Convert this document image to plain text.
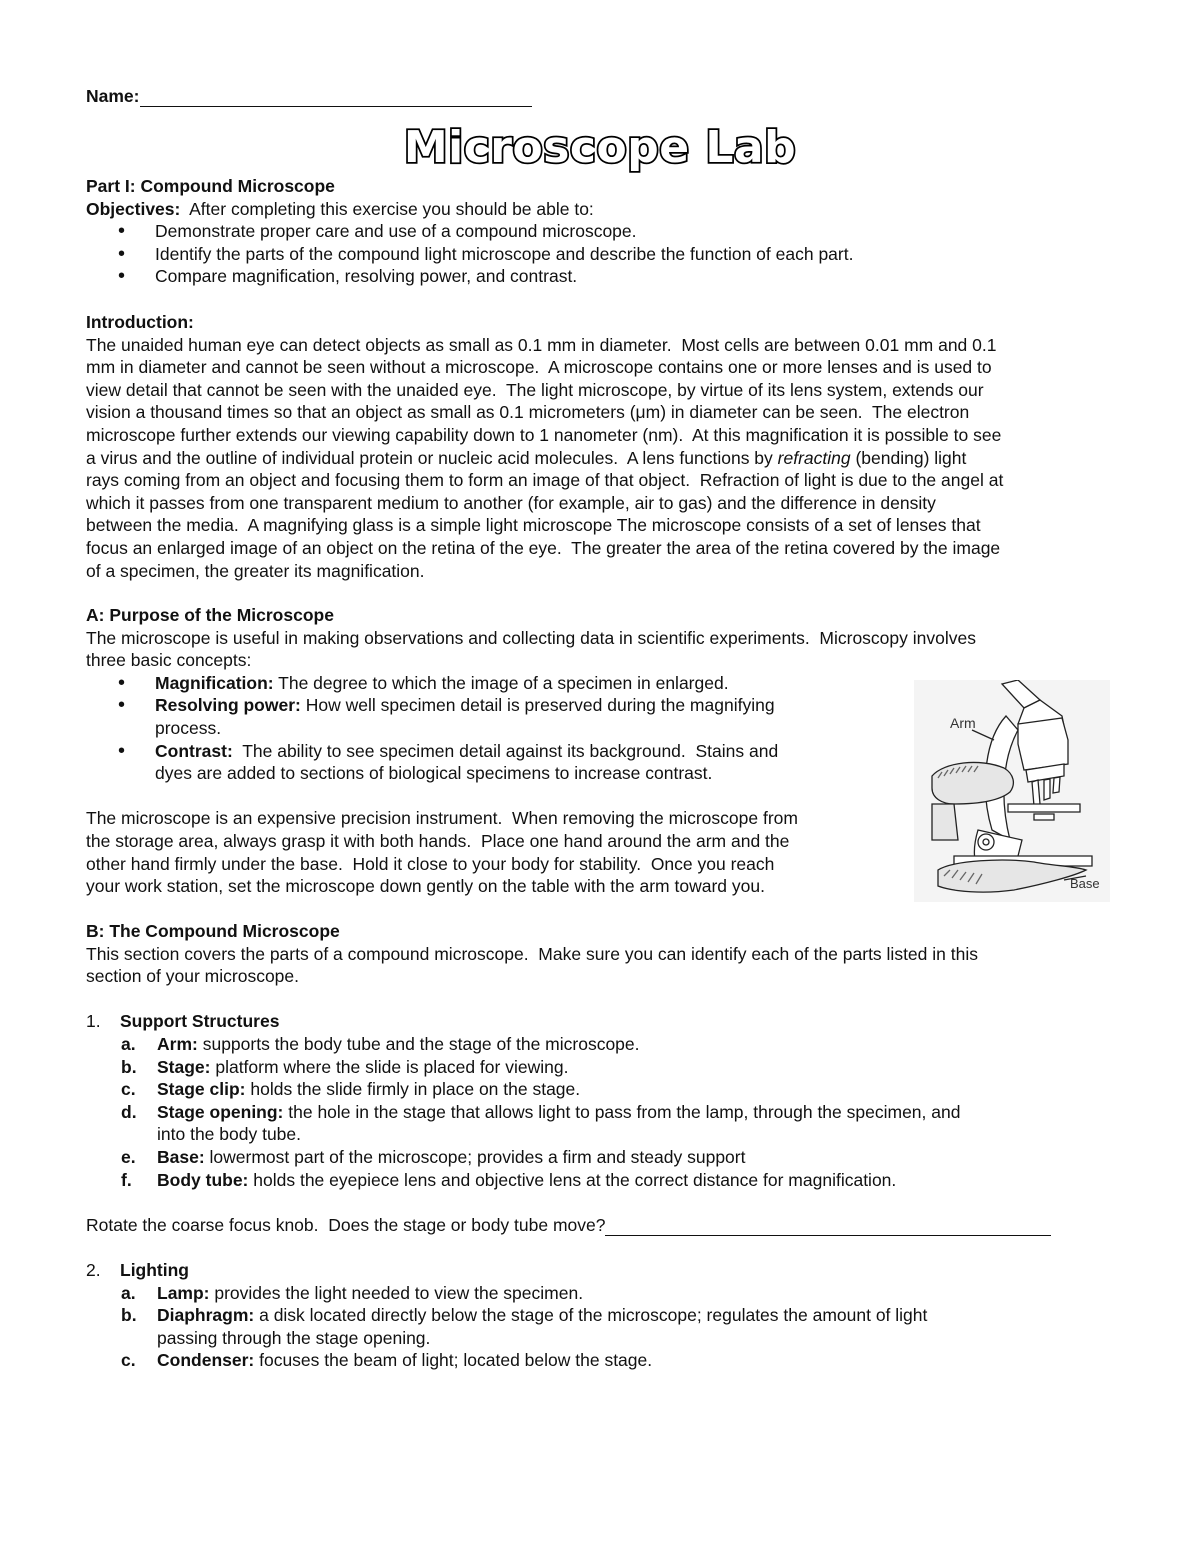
Name:
Microscope Lab

Part I: Compound Microscope

Objectives: After completing this exercise you should be able to:

• Demonstrate proper care and use of a compound microscope.
• Identify the parts of the compound light microscope and describe the function of each part.
• Compare magnification, resolving power, and contrast.

Introduction:

The unaided human eye can detect objects as small as 0.1 mm in diameter.  Most cells are between 0.01 mm and 0.1
mm in diameter and cannot be seen without a microscope.  A microscope contains one or more lenses and is used to
view detail that cannot be seen with the unaided eye.  The light microscope, by virtue of its lens system, extends our
vision a thousand times so that an object as small as 0.1 micrometers (μm) in diameter can be seen.  The electron
microscope further extends our viewing capability down to 1 nanometer (nm).  At this magnification it is possible to see
a virus and the outline of individual protein or nucleic acid molecules.  A lens functions by refracting (bending) light
rays coming from an object and focusing them to form an image of that object.  Refraction of light is due to the angel at
which it passes from one transparent medium to another (for example, air to gas) and the difference in density
between the media.  A magnifying glass is a simple light microscope The microscope consists of a set of lenses that
focus an enlarged image of an object on the retina of the eye.  The greater the area of the retina covered by the image
of a specimen, the greater its magnification.

A: Purpose of the Microscope

The microscope is useful in making observations and collecting data in scientific experiments.  Microscopy involves
three basic concepts:
• Magnification: The degree to which the image of a specimen in enlarged.
• Resolving power: How well specimen detail is preserved during the magnifying
process.
• Contrast:  The ability to see specimen detail against its background.  Stains and
dyes are added to sections of biological specimens to increase contrast.
The microscope is an expensive precision instrument.  When removing the microscope from
the storage area, always grasp it with both hands.  Place one hand around the arm and the
other hand firmly under the base.  Hold it close to your body for stability.  Once you reach
your work station, set the microscope down gently on the table with the arm toward you.
Arm
Base

B: The Compound Microscope

This section covers the parts of a compound microscope.  Make sure you can identify each of the parts listed in this
section of your microscope.
1. Support Structures
a. Arm: supports the body tube and the stage of the microscope.
b. Stage: platform where the slide is placed for viewing.
c. Stage clip: holds the slide firmly in place on the stage.
d. Stage opening: the hole in the stage that allows light to pass from the lamp, through the specimen, and
into the body tube.
e. Base: lowermost part of the microscope; provides a firm and steady support
f. Body tube: holds the eyepiece lens and objective lens at the correct distance for magnification.
Rotate the coarse focus knob.  Does the stage or body tube move?
2. Lighting
a. Lamp: provides the light needed to view the specimen.
b. Diaphragm: a disk located directly below the stage of the microscope; regulates the amount of light
passing through the stage opening.
c. Condenser: focuses the beam of light; located below the stage.
